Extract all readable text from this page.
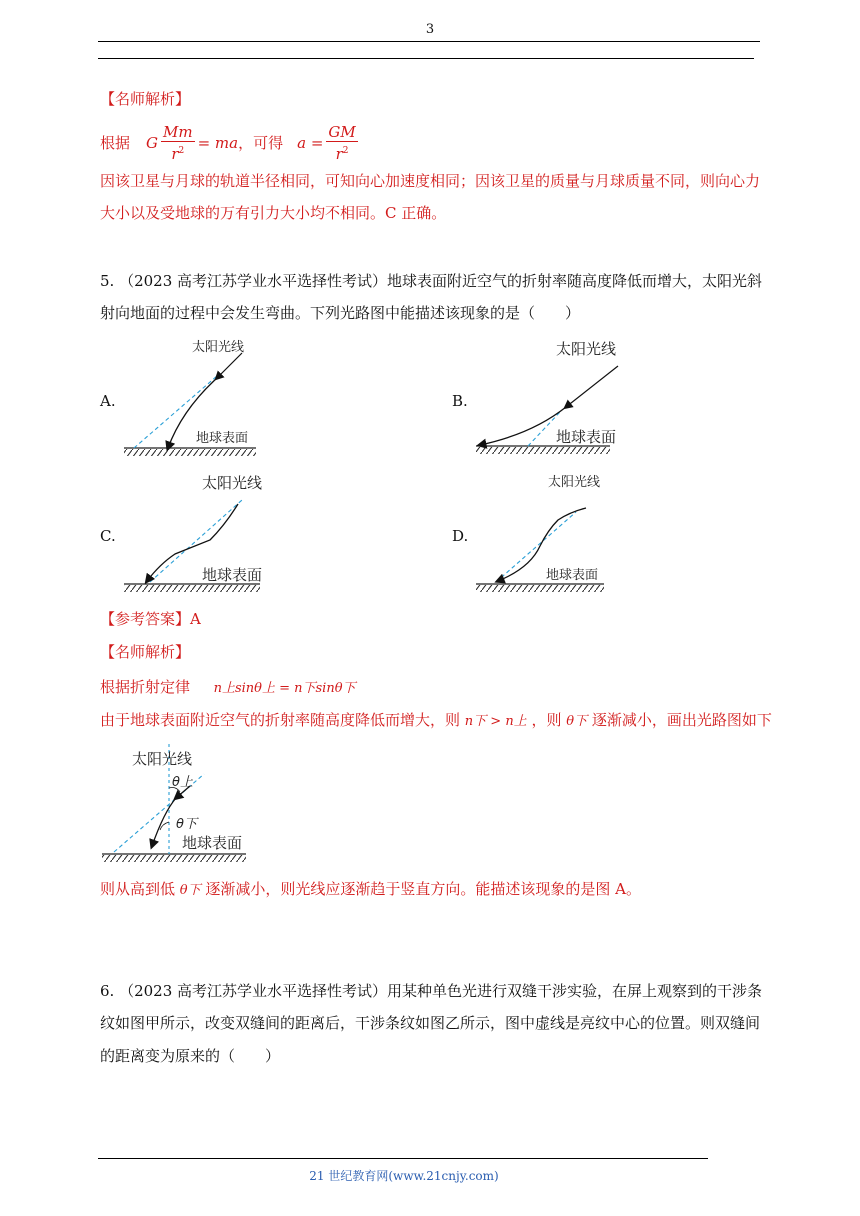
3
【名师解析】
根据 G $\frac{Mm}{r^2}$ = ma ，可得 $a = \frac{GM}{r^2}$
因该卫星与月球的轨道半径相同，可知向心加速度相同；因该卫星的质量与月球质量不同，则向心力
大小以及受地球的万有引力大小均不相同。C 正确。
5. （2023 高考江苏学业水平选择性考试）地球表面附近空气的折射率随高度降低而增大，太阳光斜
射向地面的过程中会发生弯曲。下列光路图中能描述该现象的是（　　）
A.	B.
C.	D.
太阳光线
地球表面
太阳光线
地球表面
太阳光线
地球表面
太阳光线
地球表面
【参考答案】A
【名师解析】
根据折射定律 n上sinθ上 = n下sinθ下
由于地球表面附近空气的折射率随高度降低而增大，则 n下 > n上 ，则 θ下 逐渐减小，画出光路图如下
太阳光线
θ上
θ下
地球表面
则从高到低 θ下 逐渐减小，则光线应逐渐趋于竖直方向。能描述该现象的是图 A。
6. （2023 高考江苏学业水平选择性考试）用某种单色光进行双缝干涉实验，在屏上观察到的干涉条
纹如图甲所示，改变双缝间的距离后，干涉条纹如图乙所示，图中虚线是亮纹中心的位置。则双缝间
的距离变为原来的（　　）
21 世纪教育网(www.21cnjy.com)
